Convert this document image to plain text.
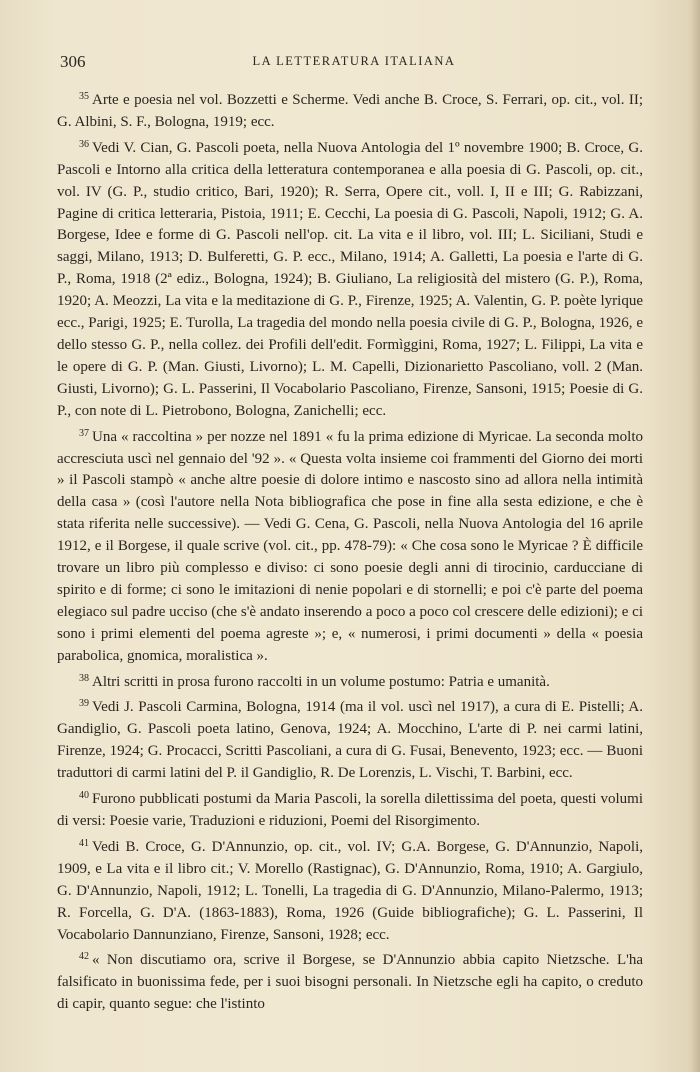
306	LA LETTERATURA ITALIANA

$^{35}$ Arte e poesia nel vol. Bozzetti e Scherme. Vedi anche B. Croce, S. Ferrari, op. cit., vol. II; G. Albini, S. F., Bologna, 1919; ecc.

$^{36}$ Vedi V. Cian, G. Pascoli poeta, nella Nuova Antologia del 1º novembre 1900; B. Croce, G. Pascoli e Intorno alla critica della letteratura contemporanea e alla poesia di G. Pascoli, op. cit., vol. IV (G. P., studio critico, Bari, 1920); R. Serra, Opere cit., voll. I, II e III; G. Rabizzani, Pagine di critica letteraria, Pistoia, 1911; E. Cecchi, La poesia di G. Pascoli, Napoli, 1912; G. A. Borgese, Idee e forme di G. Pascoli nell'op. cit. La vita e il libro, vol. III; L. Siciliani, Studi e saggi, Milano, 1913; D. Bulferetti, G. P. ecc., Milano, 1914; A. Galletti, La poesia e l'arte di G. P., Roma, 1918 (2ª ediz., Bologna, 1924); B. Giuliano, La religiosità del mistero (G. P.), Roma, 1920; A. Meozzi, La vita e la meditazione di G. P., Firenze, 1925; A. Valentin, G. P. poète lyrique ecc., Parigi, 1925; E. Turolla, La tragedia del mondo nella poesia civile di G. P., Bologna, 1926, e dello stesso G. P., nella collez. dei Profili dell'edit. Formìggini, Roma, 1927; L. Filippi, La vita e le opere di G. P. (Man. Giusti, Livorno); L. M. Capelli, Dizionarietto Pascoliano, voll. 2 (Man. Giusti, Livorno); G. L. Passerini, Il Vocabolario Pascoliano, Firenze, Sansoni, 1915; Poesie di G. P., con note di L. Pietrobono, Bologna, Zanichelli; ecc.

$^{37}$ Una « raccoltina » per nozze nel 1891 « fu la prima edizione di Myricae. La seconda molto accresciuta uscì nel gennaio del '92 ». « Questa volta insieme coi frammenti del Giorno dei morti » il Pascoli stampò « anche altre poesie di dolore intimo e nascosto sino ad allora nella intimità della casa » (così l'autore nella Nota bibliografica che pose in fine alla sesta edizione, e che è stata riferita nelle successive). — Vedi G. Cena, G. Pascoli, nella Nuova Antologia del 16 aprile 1912, e il Borgese, il quale scrive (vol. cit., pp. 478-79): « Che cosa sono le Myricae ? È difficile trovare un libro più complesso e diviso: ci sono poesie degli anni di tirocinio, carducciane di spirito e di forme; ci sono le imitazioni di nenie popolari e di stornelli; e poi c'è parte del poema elegiaco sul padre ucciso (che s'è andato inserendo a poco a poco col crescere delle edizioni); e ci sono i primi elementi del poema agreste »; e, « numerosi, i primi documenti » della « poesia parabolica, gnomica, moralistica ».

$^{38}$ Altri scritti in prosa furono raccolti in un volume postumo: Patria e umanità.

$^{39}$ Vedi J. Pascoli Carmina, Bologna, 1914 (ma il vol. uscì nel 1917), a cura di E. Pistelli; A. Gandiglio, G. Pascoli poeta latino, Genova, 1924; A. Mocchino, L'arte di P. nei carmi latini, Firenze, 1924; G. Procacci, Scritti Pascoliani, a cura di G. Fusai, Benevento, 1923; ecc. — Buoni traduttori di carmi latini del P. il Gandiglio, R. De Lorenzis, L. Vischi, T. Barbini, ecc.

$^{40}$ Furono pubblicati postumi da Maria Pascoli, la sorella dilettissima del poeta, questi volumi di versi: Poesie varie, Traduzioni e riduzioni, Poemi del Risorgimento.

$^{41}$ Vedi B. Croce, G. D'Annunzio, op. cit., vol. IV; G.A. Borgese, G. D'Annunzio, Napoli, 1909, e La vita e il libro cit.; V. Morello (Rastignac), G. D'Annunzio, Roma, 1910; A. Gargiulo, G. D'Annunzio, Napoli, 1912; L. Tonelli, La tragedia di G. D'Annunzio, Milano-Palermo, 1913; R. Forcella, G. D'A. (1863-1883), Roma, 1926 (Guide bibliografiche); G. L. Passerini, Il Vocabolario Dannunziano, Firenze, Sansoni, 1928; ecc.

$^{42}$ « Non discutiamo ora, scrive il Borgese, se D'Annunzio abbia capito Nietzsche. L'ha falsificato in buonissima fede, per i suoi bisogni personali. In Nietzsche egli ha capito, o creduto di capir, quanto segue: che l'istinto
